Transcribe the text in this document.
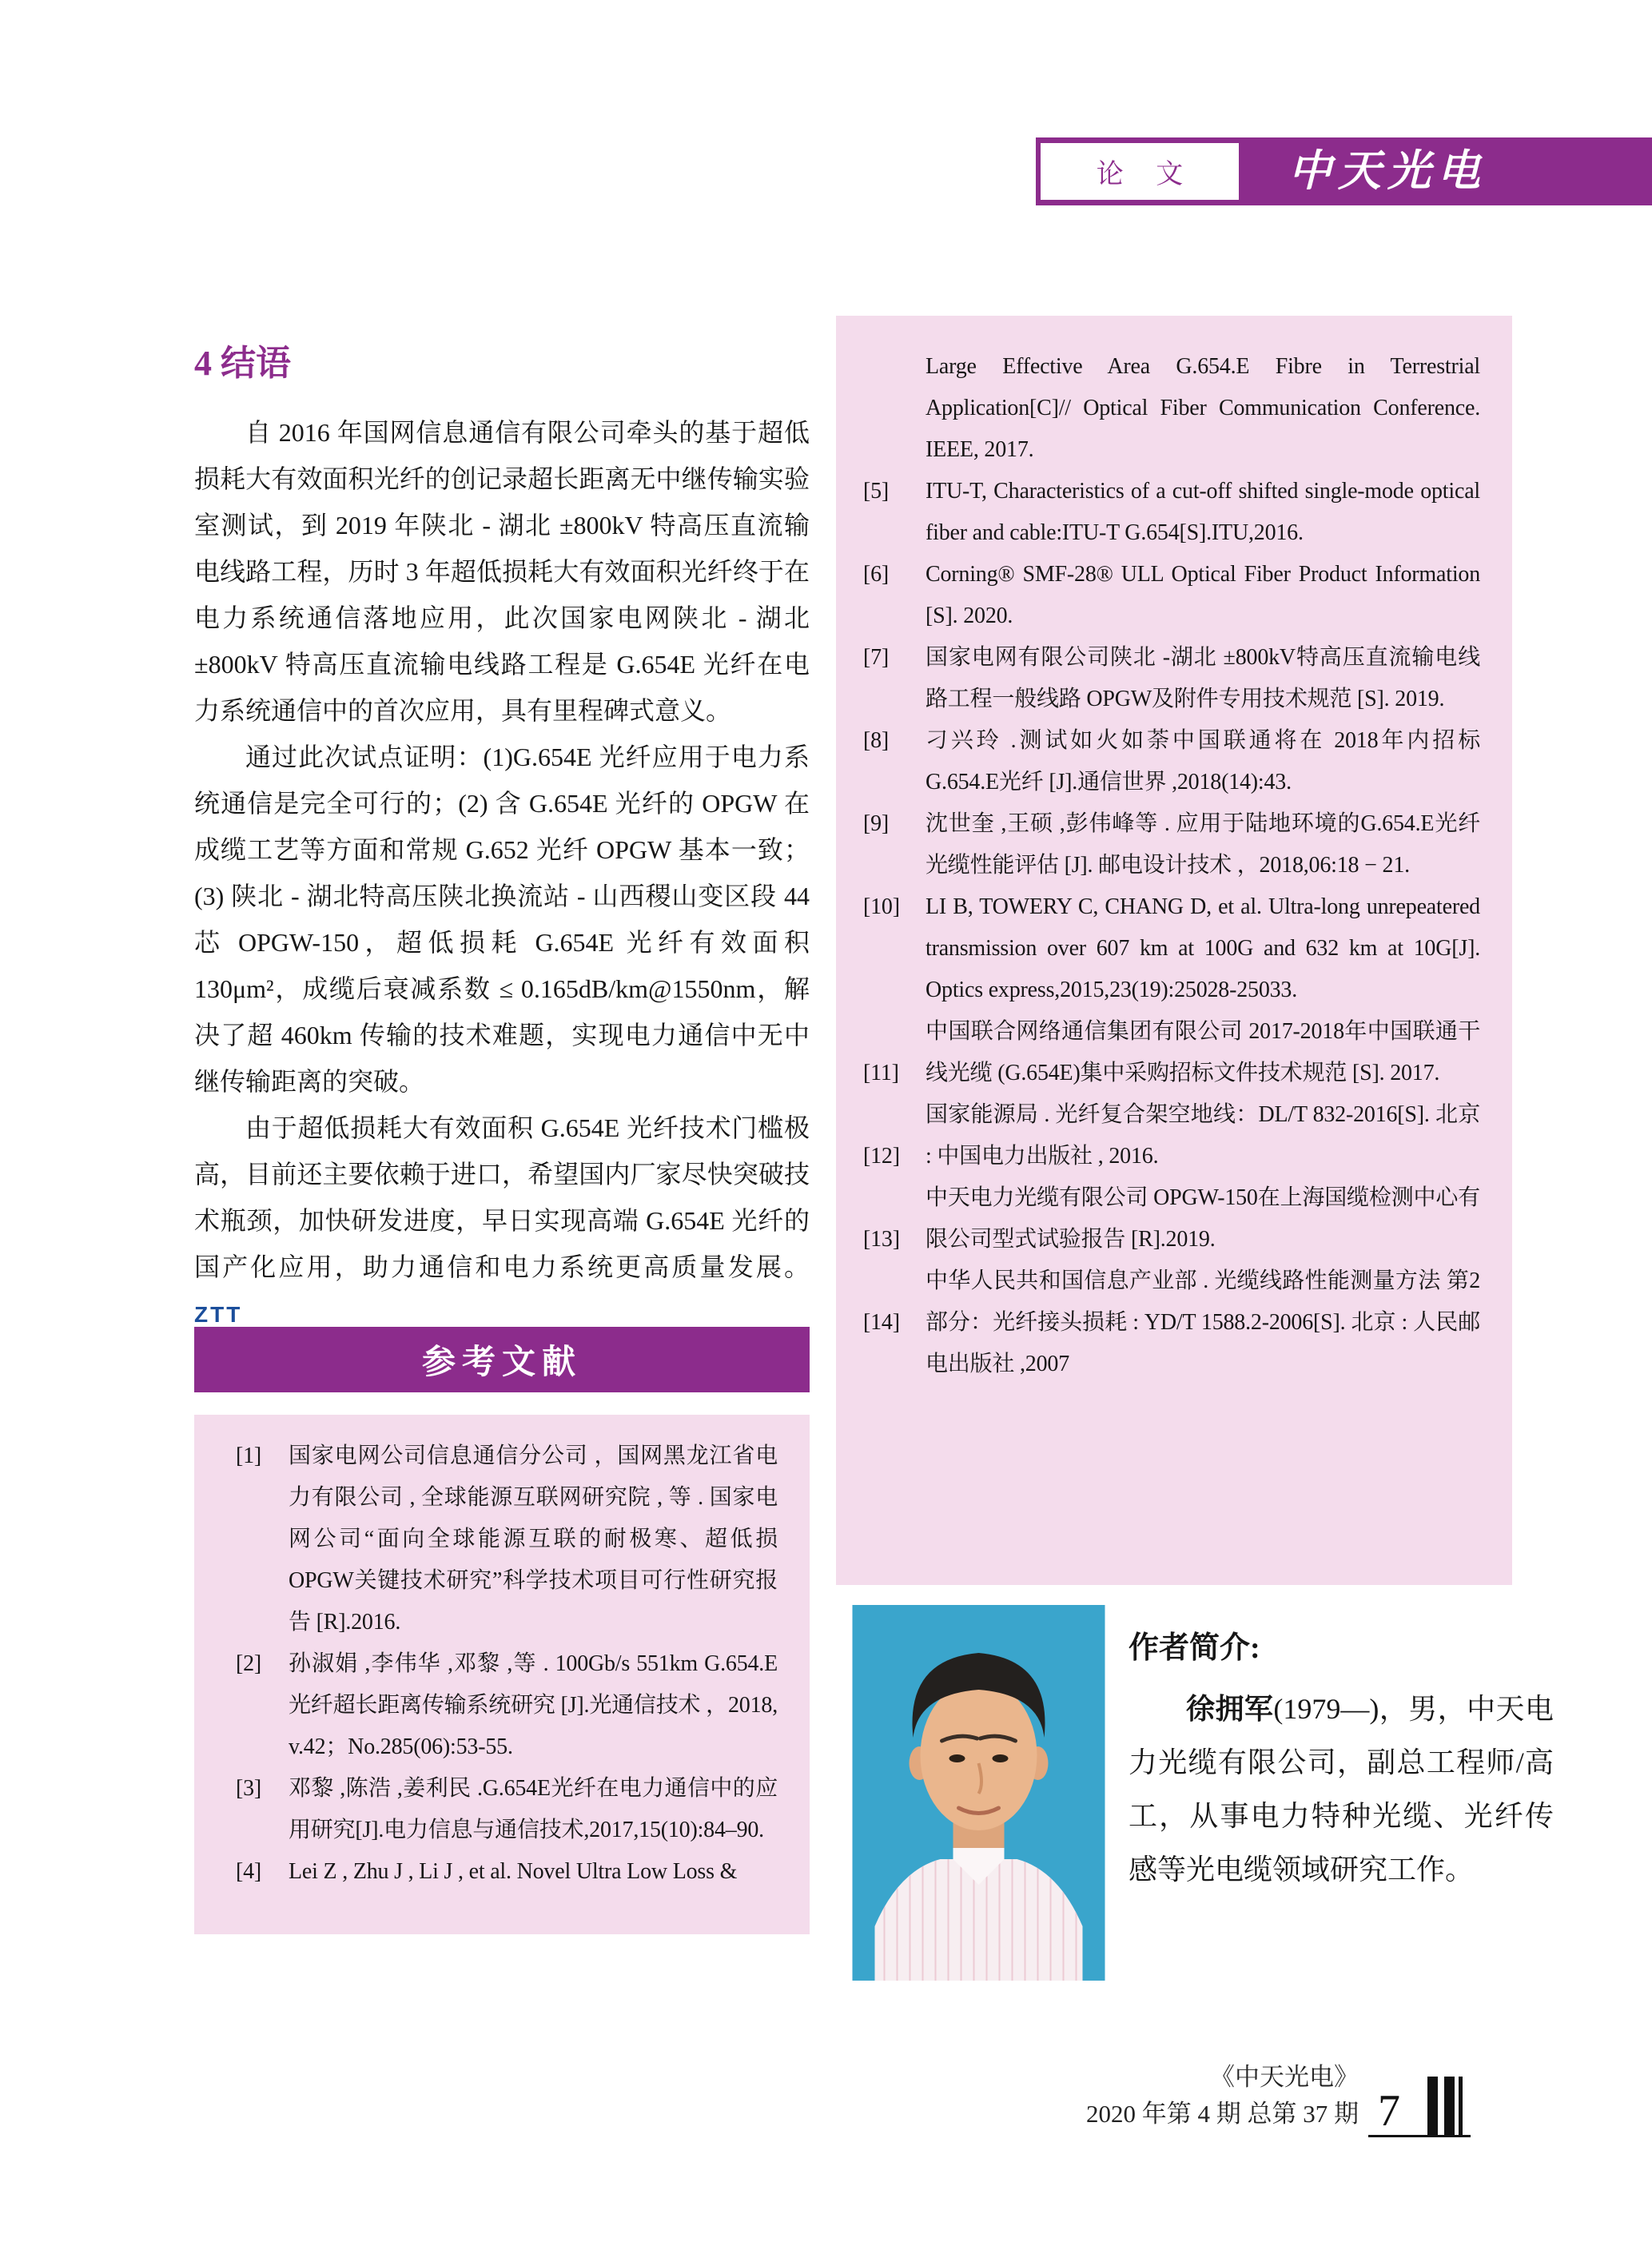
论 文 中天光电
4 结语

自 2016 年国网信息通信有限公司牵头的基于超低损耗大有效面积光纤的创记录超长距离无中继传输实验室测试，到 2019 年陕北 - 湖北 ±800kV 特高压直流输电线路工程，历时 3 年超低损耗大有效面积光纤终于在电力系统通信落地应用，此次国家电网陕北 - 湖北 ±800kV 特高压直流输电线路工程是 G.654E 光纤在电力系统通信中的首次应用，具有里程碑式意义。

通过此次试点证明：(1)G.654E 光纤应用于电力系统通信是完全可行的；(2) 含 G.654E 光纤的 OPGW 在成缆工艺等方面和常规 G.652 光纤 OPGW 基本一致；(3) 陕北 - 湖北特高压陕北换流站 - 山西稷山变区段 44 芯 OPGW-150，超低损耗 G.654E 光纤有效面积 130μm²，成缆后衰减系数 ≤ 0.165dB/km@1550nm，解决了超 460km 传输的技术难题，实现电力通信中无中继传输距离的突破。

由于超低损耗大有效面积 G.654E 光纤技术门槛极高，目前还主要依赖于进口，希望国内厂家尽快突破技术瓶颈，加快研发进度，早日实现高端 G.654E 光纤的国产化应用，助力通信和电力系统更高质量发展。 ZTT

参考文献
[1] 国家电网公司信息通信分公司 ，国网黑龙江省电力有限公司 , 全球能源互联网研究院 , 等 . 国家电网公司“面向全球能源互联的耐极寒、超低损 OPGW关键技术研究”科学技术项目可行性研究报告 [R].2016.
[2] 孙淑娟 ,李伟华 ,邓黎 ,等 . 100Gb/s 551km G.654.E光纤超长距离传输系统研究 [J].光通信技术 ，2018, v.42；No.285(06):53-55.
[3] 邓黎 ,陈浩 ,姜利民 .G.654E光纤在电力通信中的应用研究[J].电力信息与通信技术,2017,15(10):84–90.
[4] Lei Z , Zhu J , Li J , et al. Novel Ultra Low Loss &
Large Effective Area G.654.E Fibre in Terrestrial Application[C]// Optical Fiber Communication Conference. IEEE, 2017.
[5] ITU-T, Characteristics of a cut-off shifted single-mode optical fiber and cable:ITU-T G.654[S].ITU,2016.
[6] Corning® SMF-28® ULL Optical Fiber Product Information [S]. 2020.
[7] 国家电网有限公司陕北 -湖北 ±800kV特高压直流输电线路工程一般线路 OPGW及附件专用技术规范 [S]. 2019.
[8] 刁兴玲 .测试如火如荼中国联通将在 2018年内招标 G.654.E光纤 [J].通信世界 ,2018(14):43.
[9] 沈世奎 ,王硕 ,彭伟峰等 . 应用于陆地环境的G.654.E光纤光缆性能评估 [J]. 邮电设计技术 ，2018,06:18 − 21.
[10] LI B, TOWERY C, CHANG D, et al. Ultra-long unrepeatered transmission over 607 km at 100G and 632 km at 10G[J]. Optics express,2015,23(19):25028-25033.
[11]
中国联合网络通信集团有限公司 2017-2018年中国联通干线光缆 (G.654E)集中采购招标文件技术规范 [S]. 2017.
[12]
国家能源局 . 光纤复合架空地线：DL/T 832-2016[S]. 北京 : 中国电力出版社 , 2016.
[13]
中天电力光缆有限公司 OPGW-150在上海国缆检测中心有限公司型式试验报告 [R].2019.
[14]
中华人民共和国信息产业部 . 光缆线路性能测量方法 第2部分：光纤接头损耗 : YD/T 1588.2-2006[S]. 北京 : 人民邮电出版社 ,2007
作者简介:

徐拥军(1979—)，男，中天电力光缆有限公司，副总工程师/高工，从事电力特种光缆、光纤传感等光电缆领域研究工作。

《中天光电》
2020 年第 4 期 总第 37 期 7
